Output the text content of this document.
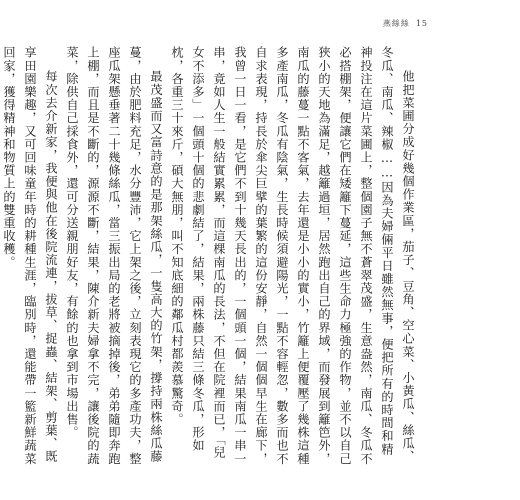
燕絲絲 15

他把菜圃分成好幾個作業區，茄子、豆角、空心菜、小黃瓜、絲瓜、冬瓜、南瓜、辣椒……因為夫婦倆平日雖然無事，便把所有的時間和精神投注在這片菜圃上，整個園子無不蒼翠茂盛，生意盎然，南瓜、冬瓜不必搭棚架，便讓它們在矮籬下蔓延，這些生命力極強的作物，並不以自己狹小的天地為滿足，越籬過垣，居然跑出自己的界域，而發展到籬笆外，南瓜的藤蔓一點不客氣，去年還是小小的實小，竹籬上便覆壓了幾株這種多產南瓜，冬瓜有陰氣，生長時候須避陽光，一點不容輕忽，數多而也不自求表現，持長於傘尖巨擘的葉繁的這份安靜，自然一個個早生在廊下，我曾一日一看，是它們不到十幾天長出的，一個頭一個，結果南瓜一串一串，竟如人生一般結實累累，而這棵南瓜的長法，不但在院裡而已，「兒女不添多」一個頭十個的悲劇結了，結果，兩株藤只結三條冬瓜，形如枕，各重三十來斤，碩大無朋，叫不知底細的鄰瓜村都羨慕驚奇。

最茂盛而又富詩意的是那架絲瓜，一隻高大的竹架，撐持兩株絲瓜藤蔓，由於肥料充足，水分豐沛，它上架之後，立刻表現它的多產功夫，整座瓜架懸垂著二十幾條絲瓜，當三振出局的老將被摘掉後，弟弟隨即奔跑上棚，而且是不斷的，源源不斷，結果，陳介新夫婦拿不完，讓後院的蔬菜，除供自己採食外，還可分送親朋好友，有餘的也拿到市場出售。

每次去介新家，我便與他在後院流連，拔草、捉蟲、結架、剪葉、既享田園樂趣，又可回味童年時的耕種生涯，臨別時，還能帶一籃新鮮蔬菜回家，獲得精神和物質上的雙重收穫。
